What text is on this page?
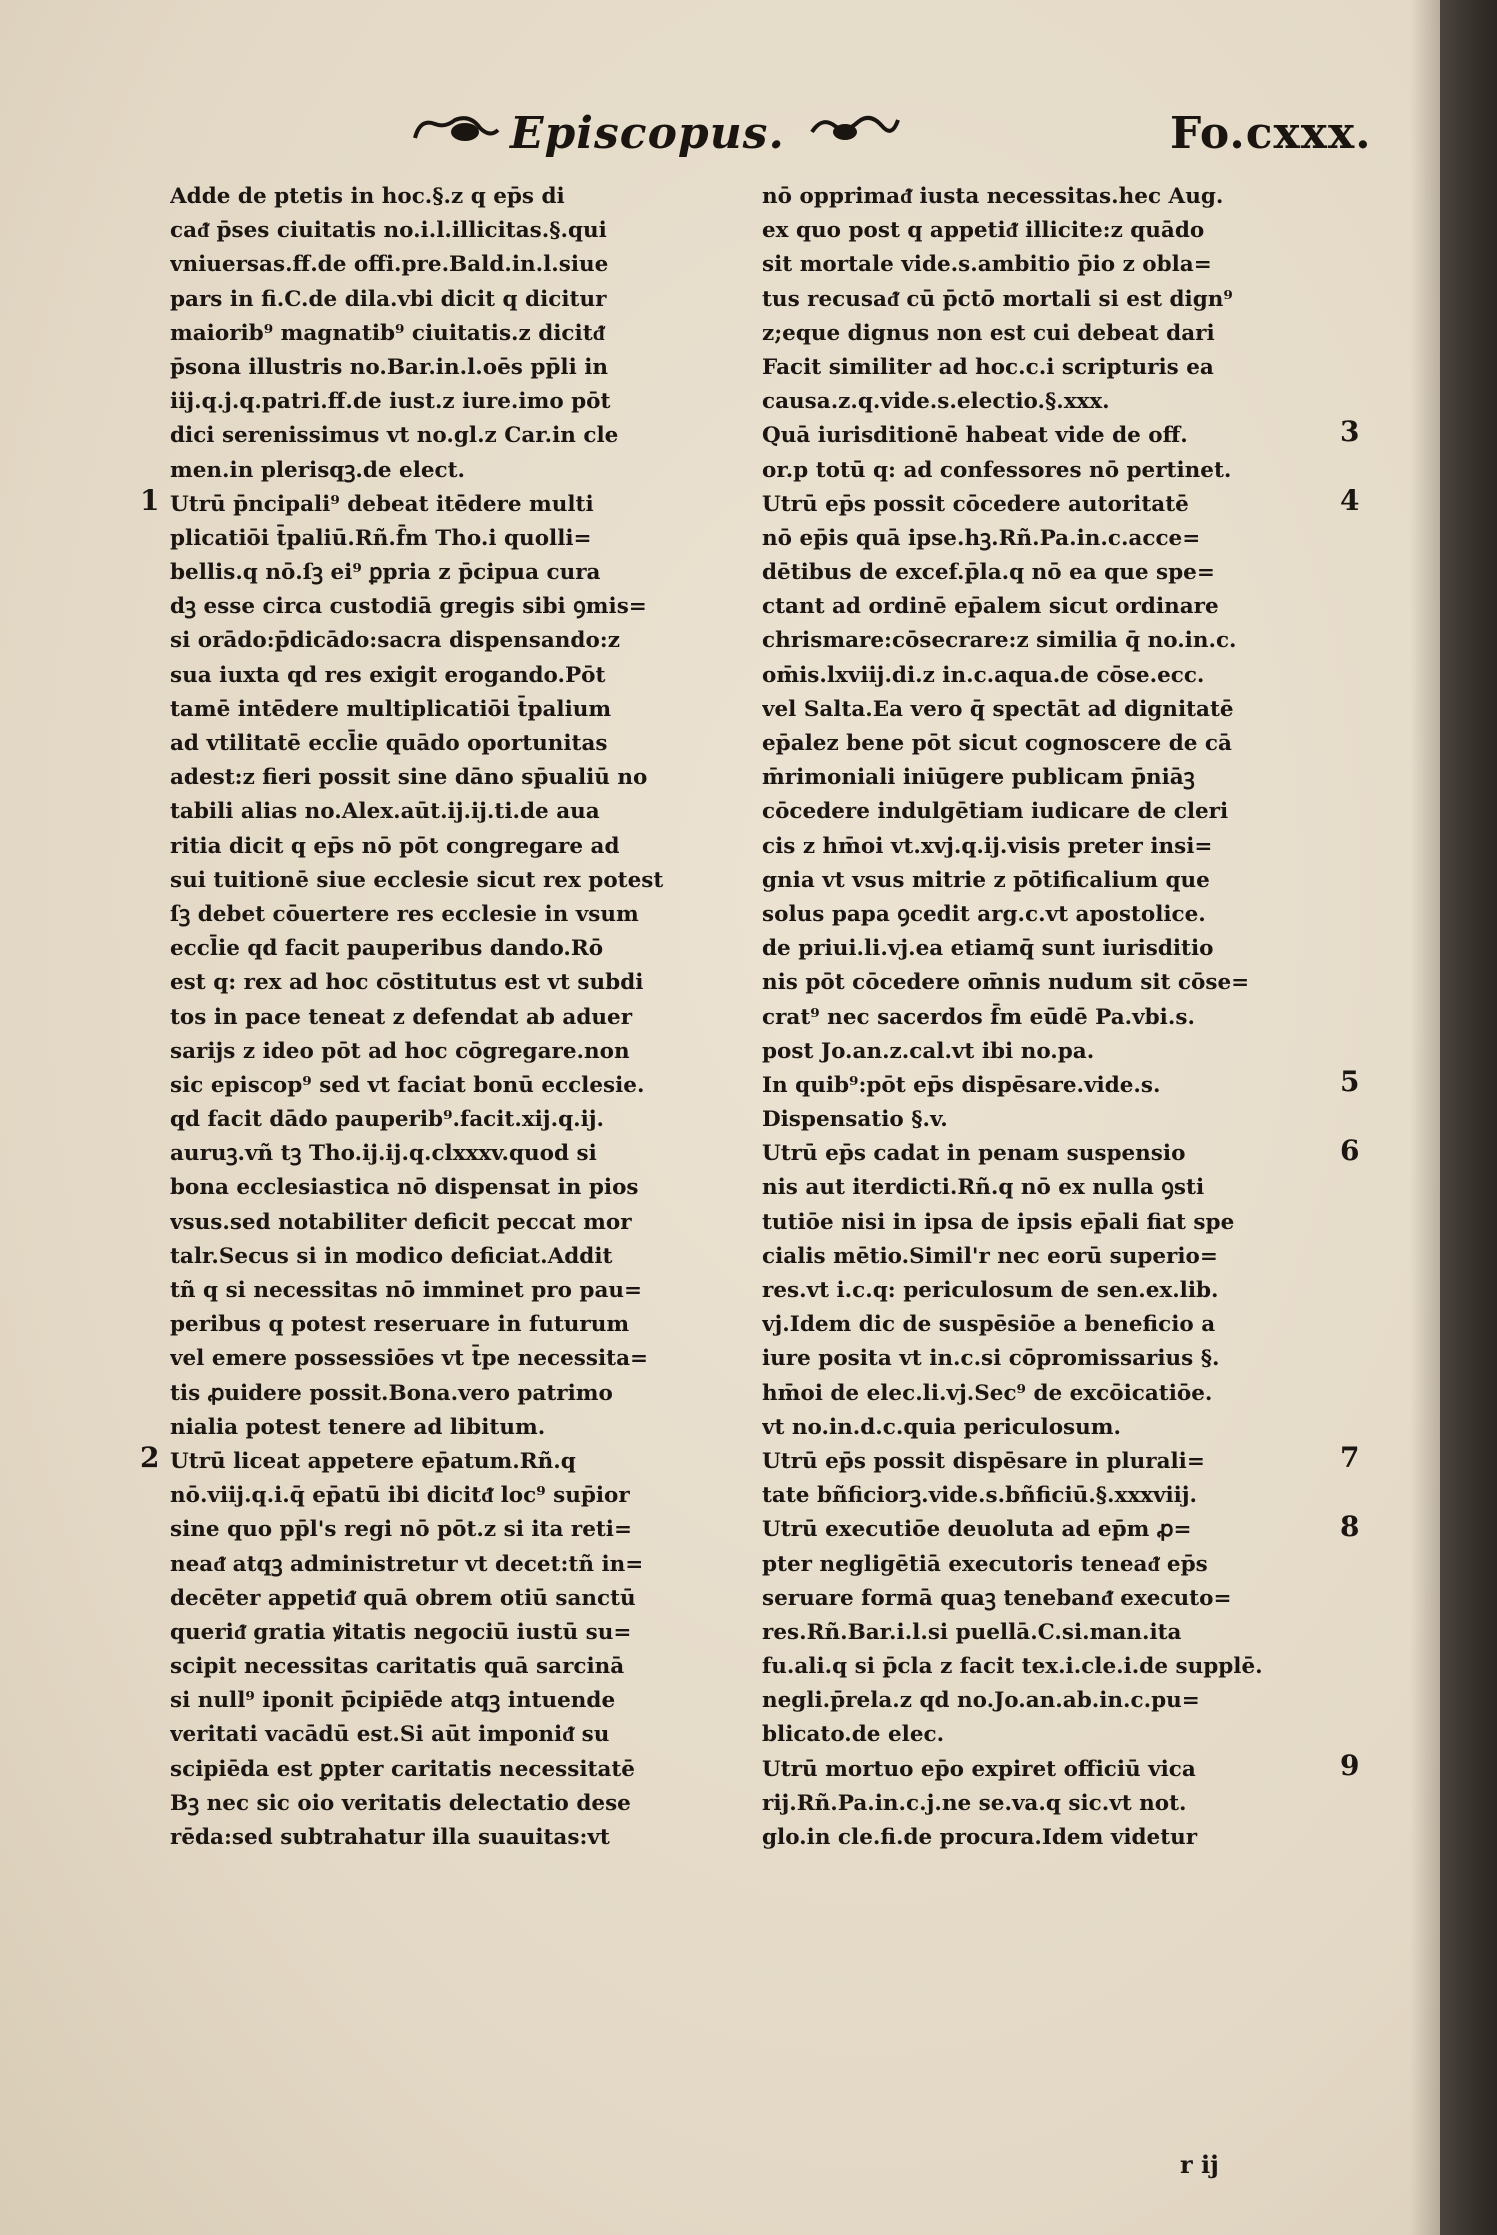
Episcopus.	Fo.cxxx.
Adde de ptetis in hoc.§.z q ep̄s di
caᵭ p̄ses ciuitatis no.i.l.illicitas.§.qui
vniuersas.ff.de offi.pre.Bald.in.l.siue
pars in fi.C.de dila.vbi dicit q dicitur
maiorib⁹ magnatib⁹ ciuitatis.z dicitᵭ
p̄sona illustris no.Bar.in.l.oēs pp̄li in
iij.q.j.q.patri.ff.de iust.z iure.imo pōt
dici serenissimus vt no.gl.z Car.in cle
men.in plerisqꝫ.de elect.
Utrū p̄ncipali⁹ debeat itēdere multi
plicatiōi t̄paliū.Rñ.f̄m Tho.i quolli=
bellis.q nō.ſꝫ ei⁹ ꝑpria z p̄cipua cura
dꝫ esse circa custodiā gregis sibi ꝯmis=
si orādo:p̄dicādo:sacra dispensando:z
sua iuxta qd res exigit erogando.Pōt
tamē intēdere multiplicatiōi t̄palium
ad vtilitatē eccl̄ie quādo oportunitas
adest:z fieri possit sine dāno sp̄ualiū no
tabili alias no.Alex.aūt.ij.ij.ti.de aua
ritia dicit q ep̄s nō pōt congregare ad
sui tuitionē siue ecclesie sicut rex potest
ſꝫ debet cōuertere res ecclesie in vsum
eccl̄ie qd facit pauperibus dando.Rō
est q: rex ad hoc cōstitutus est vt subdi
tos in pace teneat z defendat ab aduer
sarijs z ideo pōt ad hoc cōgregare.non
sic episcop⁹ sed vt faciat bonū ecclesie.
qd facit dādo pauperib⁹.facit.xij.q.ij.
auruꝫ.vñ tꝫ Tho.ij.ij.q.clxxxv.quod si
bona ecclesiastica nō dispensat in pios
vsus.sed notabiliter deficit peccat mor
talr.Secus si in modico deficiat.Addit
tñ q si necessitas nō imminet pro pau=
peribus q potest reseruare in futurum
vel emere possessiōes vt t̄pe necessita=
tis ꝓuidere possit.Bona.vero patrimo
nialia potest tenere ad libitum.
Utrū liceat appetere ep̄atum.Rñ.q
nō.viij.q.i.q̄ ep̄atū ibi dicitᵭ loc⁹ sup̄ior
sine quo pp̄l's regi nō pōt.z si ita reti=
neaᵭ atqꝫ administretur vt decet:tñ in=
decēter appetiᵭ quā obrem otiū sanctū
queriᵭ gratia ꝟitatis negociū iustū su=
scipit necessitas caritatis quā sarcinā
si null⁹ iponit p̄cipiēde atqꝫ intuende
veritati vacādū est.Si aūt imponiᵭ su
scipiēda est ꝑpter caritatis necessitatē
Bꝫ nec sic oio veritatis delectatio dese
rēda:sed subtrahatur illa suauitas:vt
nō opprimaᵭ iusta necessitas.hec Aug.
ex quo post q appetiᵭ illicite:z quādo
sit mortale vide.s.ambitio p̄io z obla=
tus recusaᵭ cū p̄ctō mortali si est dign⁹
z;eque dignus non est cui debeat dari
Facit similiter ad hoc.c.i scripturis ea
causa.z.q.vide.s.electio.§.xxx.
Quā iurisditionē habeat vide de off.
or.p totū q: ad confessores nō pertinet.
Utrū ep̄s possit cōcedere autoritatē
nō ep̄is quā ipse.hꝫ.Rñ.Pa.in.c.acce=
dētibus de excef.p̄la.q nō ea que spe=
ctant ad ordinē ep̄alem sicut ordinare
chrismare:cōsecrare:z similia q̄ no.in.c.
om̄is.lxviij.di.z in.c.aqua.de cōse.ecc.
vel Salta.Ea vero q̄ spectāt ad dignitatē
ep̄alez bene pōt sicut cognoscere de cā
m̄rimoniali iniūgere publicam p̄niāꝫ
cōcedere indulgētiam iudicare de cleri
cis z hm̄oi vt.xvj.q.ij.visis preter insi=
gnia vt vsus mitrie z pōtificalium que
solus papa ꝯcedit arg.c.vt apostolice.
de priui.li.vj.ea etiamq̄ sunt iurisditio
nis pōt cōcedere om̄nis nudum sit cōse=
crat⁹ nec sacerdos f̄m eūdē Pa.vbi.s.
post Jo.an.z.cal.vt ibi no.pa.
In quib⁹:pōt ep̄s dispēsare.vide.s.
Dispensatio §.v.
Utrū ep̄s cadat in penam suspensio
nis aut iterdicti.Rñ.q nō ex nulla ꝯsti
tutiōe nisi in ipsa de ipsis ep̄ali fiat spe
cialis mētio.Simil'r nec eorū superio=
res.vt i.c.q: periculosum de sen.ex.lib.
vj.Idem dic de suspēsiōe a beneficio a
iure posita vt in.c.si cōpromissarius §.
hm̄oi de elec.li.vj.Sec⁹ de excōicatiōe.
vt no.in.d.c.quia periculosum.
Utrū ep̄s possit dispēsare in plurali=
tate bñficiorꝫ.vide.s.bñficiū.§.xxxviij.
Utrū executiōe deuoluta ad ep̄m ꝓ=
pter negligētiā executoris teneaᵭ ep̄s
seruare formā quaꝫ tenebanᵭ executo=
res.Rñ.Bar.i.l.si puellā.C.si.man.ita
fu.ali.q si p̄cla z facit tex.i.cle.i.de supplē.
negli.p̄rela.z qd no.Jo.an.ab.in.c.pu=
blicato.de elec.
Utrū mortuo ep̄o expiret officiū vica
rij.Rñ.Pa.in.c.j.ne se.va.q sic.vt not.
glo.in cle.fi.de procura.Idem videtur
1
2
3
4
5
6
7
8
9
r ij
